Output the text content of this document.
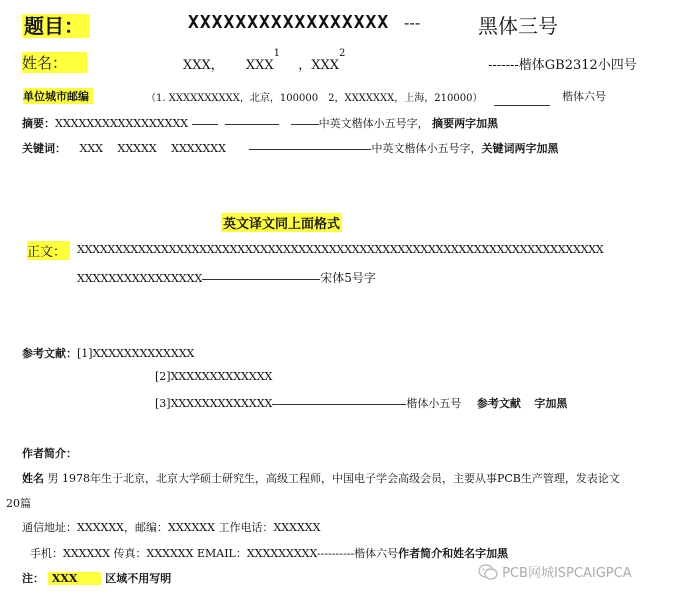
题目：	XXXXXXXXXXXXXXXXX ---	黑体三号
姓名：	XXX， XXX$^1$ ，XXX$^2$
-------楷体GB2312小四号
单位城市邮编	（1. XXXXXXXXXX，北京，100000　2，XXXXXXX，上海，210000）	楷体六号
摘要：XXXXXXXXXXXXXXXXX	中英文楷体小五号字， 摘要两字加黑
关键词： XXX　 XXXXX　 XXXXXXX	中英文楷体小五号字，关键词两字加黑
英文译文同上面格式
正文： XXXXXXXXXXXXXXXXXXXXXXXXXXXXXXXXXXXXXXXXXXXXXXXXXXXXXXXXXXXXXXXXXXXXX
XXXXXXXXXXXXXXXX	宋体5号字
参考文献：[1]XXXXXXXXXXXXX
[2]XXXXXXXXXXXXX
[3]XXXXXXXXXXXXX	楷体小五号 参考文献 字加黑
作者简介：
姓名 男 1978年生于北京，北京大学硕士研究生，高级工程师，中国电子学会高级会员，主要从事PCB生产管理，发表论文
20篇
通信地址：XXXXXX，邮编：XXXXXX 工作电话：XXXXXX
手机：XXXXXX 传真：XXXXXX EMAIL：XXXXXXXXX----------楷体六号作者简介和姓名字加黑
注： XXX	区域不用写明	PCB网城ISPCAIGPCA
